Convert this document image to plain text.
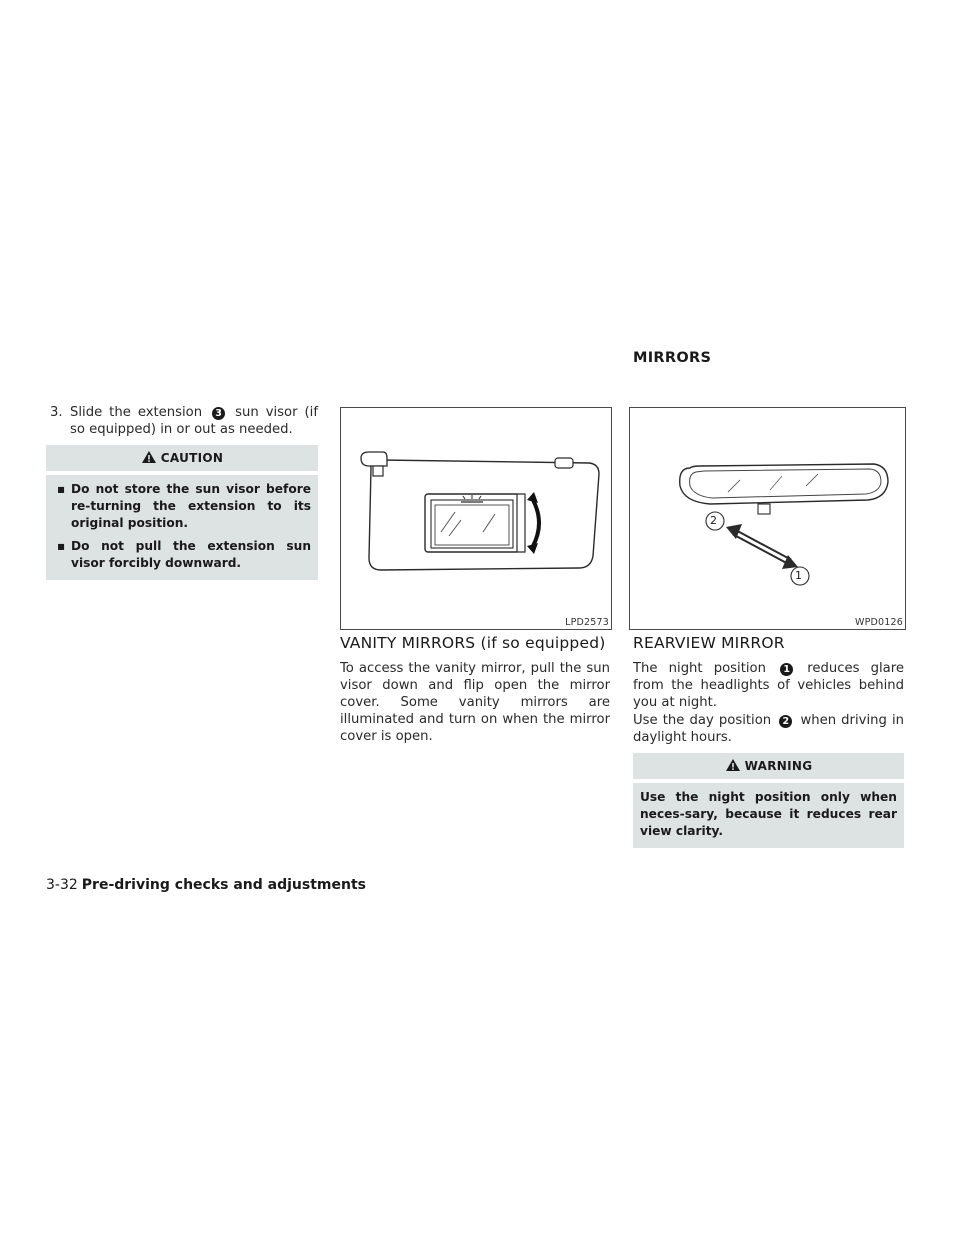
MIRRORS
3. Slide the extension 3 sun visor (if so equipped) in or out as needed.
CAUTION
▪ Do not store the sun visor before re-turning the extension to its original position.
▪ Do not pull the extension sun visor forcibly downward.
LPD2573
2
1
WPD0126
VANITY MIRRORS (if so equipped)
To access the vanity mirror, pull the sun visor down and flip open the mirror cover. Some vanity mirrors are illuminated and turn on when the mirror cover is open.
REARVIEW MIRROR
The night position 1 reduces glare from the headlights of vehicles behind you at night.
Use the day position 2 when driving in daylight hours.
WARNING
Use the night position only when neces-sary, because it reduces rear view clarity.
3-32 Pre-driving checks and adjustments
